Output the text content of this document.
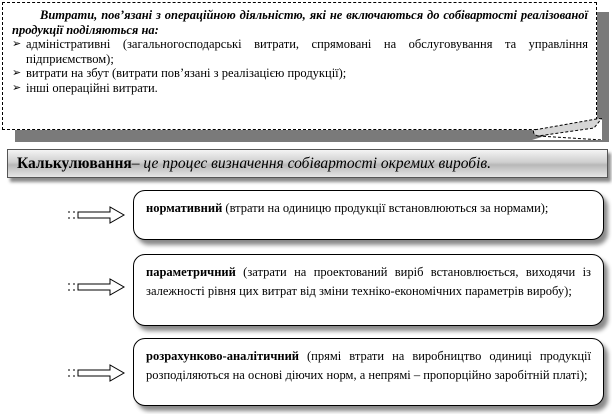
Витрати, пов’язані з операційною діяльністю, які не включаються до собівартості реалізованої продукції поділяються на:
➢ адміністративні (загальногосподарські витрати, спрямовані на обслуговування та управління підприємством);
➢ витрати на збут (витрати пов’язані з реалізацією продукції);
➢ інші операційні витрати.
Калькулювання – це процес визначення собівартості окремих виробів.
нормативний (втрати на одиницю продукції встановлюються за нормами);
параметричний (затрати на проектований виріб встановлюється, виходячи із залежності рівня цих витрат від зміни техніко-економічних параметрів виробу);
розрахунково-аналітичний (прямі втрати на виробництво одиниці продукції розподіляються на основі діючих норм, а непрямі – пропорційно заробітній платі);
